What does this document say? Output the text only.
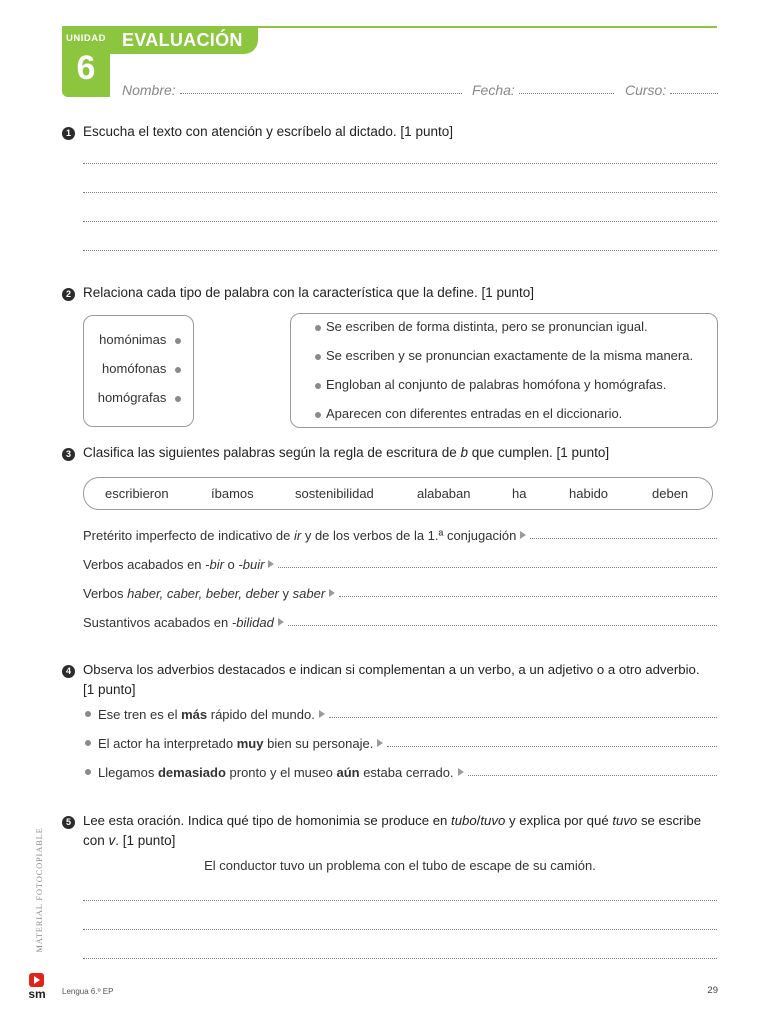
UNIDAD
6
EVALUACIÓN
Nombre:	Fecha:	Curso:
1 Escucha el texto con atención y escríbelo al dictado. [1 punto]
2 Relaciona cada tipo de palabra con la característica que la define. [1 punto]
homónimas
homófonas
homógrafas
Se escriben de forma distinta, pero se pronuncian igual.
Se escriben y se pronuncian exactamente de la misma manera.
Engloban al conjunto de palabras homófona y homógrafas.
Aparecen con diferentes entradas en el diccionario.
3 Clasifica las siguientes palabras según la regla de escritura de b que cumplen. [1 punto]
escribieron	íbamos	sostenibilidad	alababan	ha	habido	deben
Pretérito imperfecto de indicativo de ir y de los verbos de la 1.ª conjugación
Verbos acabados en -bir o -buir
Verbos haber, caber, beber, deber y saber
Sustantivos acabados en -bilidad
4 Observa los adverbios destacados e indican si complementan a un verbo, a un adjetivo o a otro adverbio.
[1 punto]
Ese tren es el más rápido del mundo.
El actor ha interpretado muy bien su personaje.
Llegamos demasiado pronto y el museo aún estaba cerrado.
5 Lee esta oración. Indica qué tipo de homonimia se produce en tubo/tuvo y explica por qué tuvo se escribe
con v. [1 punto]
El conductor tuvo un problema con el tubo de escape de su camión.
MATERIAL FOTOCOPIABLE
sm Lengua 6.º EP	29
